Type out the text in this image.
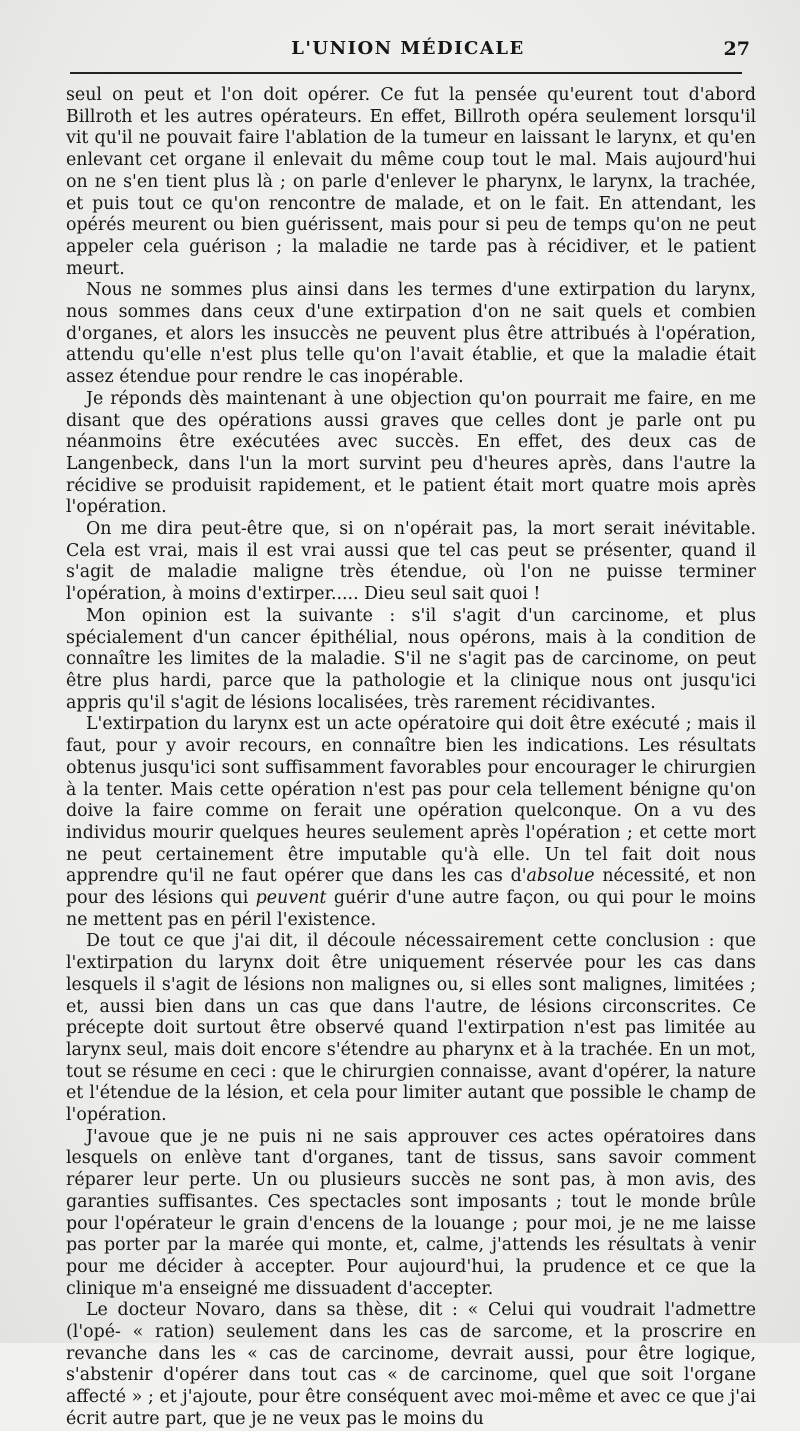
L'UNION MÉDICALE	27

seul on peut et l'on doit opérer. Ce fut la pensée qu'eurent tout d'abord Billroth et les autres opérateurs. En effet, Billroth opéra seulement lorsqu'il vit qu'il ne pouvait faire l'ablation de la tumeur en laissant le larynx, et qu'en enlevant cet organe il enlevait du même coup tout le mal. Mais aujourd'hui on ne s'en tient plus là ; on parle d'enlever le pharynx, le larynx, la trachée, et puis tout ce qu'on rencontre de malade, et on le fait. En attendant, les opérés meurent ou bien guérissent, mais pour si peu de temps qu'on ne peut appeler cela guérison ; la maladie ne tarde pas à récidiver, et le patient meurt.

Nous ne sommes plus ainsi dans les termes d'une extirpation du larynx, nous sommes dans ceux d'une extirpation d'on ne sait quels et combien d'organes, et alors les insuccès ne peuvent plus être attribués à l'opération, attendu qu'elle n'est plus telle qu'on l'avait établie, et que la maladie était assez étendue pour rendre le cas inopérable.

Je réponds dès maintenant à une objection qu'on pourrait me faire, en me disant que des opérations aussi graves que celles dont je parle ont pu néanmoins être exécutées avec succès. En effet, des deux cas de Langenbeck, dans l'un la mort survint peu d'heures après, dans l'autre la récidive se produisit rapidement, et le patient était mort quatre mois après l'opération.

On me dira peut-être que, si on n'opérait pas, la mort serait inévitable. Cela est vrai, mais il est vrai aussi que tel cas peut se présenter, quand il s'agit de maladie maligne très étendue, où l'on ne puisse terminer l'opération, à moins d'extirper..... Dieu seul sait quoi !

Mon opinion est la suivante : s'il s'agit d'un carcinome, et plus spécialement d'un cancer épithélial, nous opérons, mais à la condition de connaître les limites de la maladie. S'il ne s'agit pas de carcinome, on peut être plus hardi, parce que la pathologie et la clinique nous ont jusqu'ici appris qu'il s'agit de lésions localisées, très rarement récidivantes.

L'extirpation du larynx est un acte opératoire qui doit être exécuté ; mais il faut, pour y avoir recours, en connaître bien les indications. Les résultats obtenus jusqu'ici sont suffisamment favorables pour encourager le chirurgien à la tenter. Mais cette opération n'est pas pour cela tellement bénigne qu'on doive la faire comme on ferait une opération quelconque. On a vu des individus mourir quelques heures seulement après l'opération ; et cette mort ne peut certainement être imputable qu'à elle. Un tel fait doit nous apprendre qu'il ne faut opérer que dans les cas d'absolue nécessité, et non pour des lésions qui peuvent guérir d'une autre façon, ou qui pour le moins ne mettent pas en péril l'existence.

De tout ce que j'ai dit, il découle nécessairement cette conclusion : que l'extirpation du larynx doit être uniquement réservée pour les cas dans lesquels il s'agit de lésions non malignes ou, si elles sont malignes, limitées ; et, aussi bien dans un cas que dans l'autre, de lésions circonscrites. Ce précepte doit surtout être observé quand l'extirpation n'est pas limitée au larynx seul, mais doit encore s'étendre au pharynx et à la trachée. En un mot, tout se résume en ceci : que le chirurgien connaisse, avant d'opérer, la nature et l'étendue de la lésion, et cela pour limiter autant que possible le champ de l'opération.

J'avoue que je ne puis ni ne sais approuver ces actes opératoires dans lesquels on enlève tant d'organes, tant de tissus, sans savoir comment réparer leur perte. Un ou plusieurs succès ne sont pas, à mon avis, des garanties suffisantes. Ces spectacles sont imposants ; tout le monde brûle pour l'opérateur le grain d'encens de la louange ; pour moi, je ne me laisse pas porter par la marée qui monte, et, calme, j'attends les résultats à venir pour me décider à accepter. Pour aujourd'hui, la prudence et ce que la clinique m'a enseigné me dissuadent d'accepter.

Le docteur Novaro, dans sa thèse, dit : « Celui qui voudrait l'admettre (l'opé- « ration) seulement dans les cas de sarcome, et la proscrire en revanche dans les « cas de carcinome, devrait aussi, pour être logique, s'abstenir d'opérer dans tout cas « de carcinome, quel que soit l'organe affecté » ; et j'ajoute, pour être conséquent avec moi-même et avec ce que j'ai écrit autre part, que je ne veux pas le moins du
